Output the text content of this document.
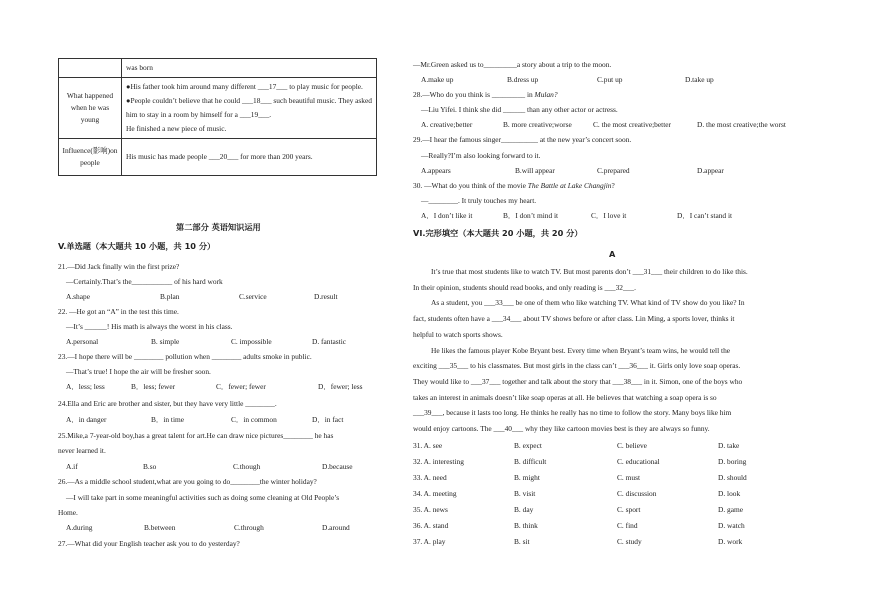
	was born
What happened when he was young	●His father took him around many different ___17___ to play music for people.
●People couldn’t believe that he could ___18___ such beautiful music. They asked him to stay in a room by himself for a ___19___.
He finished a new piece of music.

Influence(影响)on people	His music has made people ___20___ for more than 200 years.
第二部分 英语知识运用
V.单选题（本大题共 10 小题，共 10 分）
21.—Did Jack finally win the first prize?
—Certainly.That’s the___________ of his hard work
A.shape	B.plan	C.service	D.result
22. —He got an “A” in the test this time.
—It’s ______! His math is always the worst in his class.
A.personal	B. simple	C. impossible	D. fantastic
23.—I hope there will be ________ pollution when ________ adults smoke in public.
—That’s true! I hope the air will be fresher soon.
A．less; less	B．less; fewer	C．fewer; fewer	D．fewer; less
24.Ella and Eric are brother and sister, but they have very little ________.
A．in danger	B．in time	C．in common	D．in fact
25.Mike,a 7-year-old boy,has a great talent for art.He can draw nice pictures________ he has
never learned it.
A.if	B.so	C.though	D.because
26.—As a middle school student,what are you going to do________the winter holiday?
—I will take part in some meaningful activities such as doing some cleaning at Old People’s
Home.
A.during	B.between	C.through	D.around
27.—What did your English teacher ask you to do yesterday?
—Mr.Green asked us to_________a story about a trip to the moon.
A.make up	B.dress up	C.put up	D.take up
28.—Who do you think is _________ in Mulan?
—Liu Yifei. I think she did ______ than any other actor or actress.
A. creative;better	B. more creative;worse	C. the most creative;better	D. the most creative;the worst
29.—I hear the famous singer__________ at the new year’s concert soon.
—Really?I’m also looking forward to it.
A.appears	B.will appear	C.prepared	D.appear
30. —What do you think of the movie The Battle at Lake Changjin?
—________. It truly touches my heart.
A．I don’t like it	B．I don’t mind it	C．I love it	D．I can’t stand it
VI.完形填空（本大题共 20 小题，共 20 分）
A

It’s true that most students like to watch TV. But most parents don’t ___31___ their children to do like this.

In their opinion, students should read books, and only reading is ___32___.

As a student, you ___33___ be one of them who like watching TV. What kind of TV show do you like? In

fact, students often have a ___34___ about TV shows before or after class. Lin Ming, a sports lover, thinks it
helpful to watch sports shows.

He likes the famous player Kobe Bryant best. Every time when Bryant’s team wins, he would tell the

exciting ___35___ to his classmates. But most girls in the class can’t ___36___ it. Girls only love soap operas.
They would like to ___37___ together and talk about the story that ___38___ in it. Simon, one of the boys who
takes an interest in animals doesn’t like soap operas at all. He believes that watching a soap opera is so
___39___, because it lasts too long. He thinks he really has no time to follow the story. Many boys like him
would enjoy cartoons. The ___40___ why they like cartoon movies best is they are always so funny.
31. A. see	B. expect	C. believe	D. take
32. A. interesting	B. difficult	C. educational	D. boring
33. A. need	B. might	C. must	D. should
34. A. meeting	B. visit	C. discussion	D. look
35. A. news	B. day	C. sport	D. game
36. A. stand	B. think	C. find	D. watch
37. A. play	B. sit	C. study	D. work
